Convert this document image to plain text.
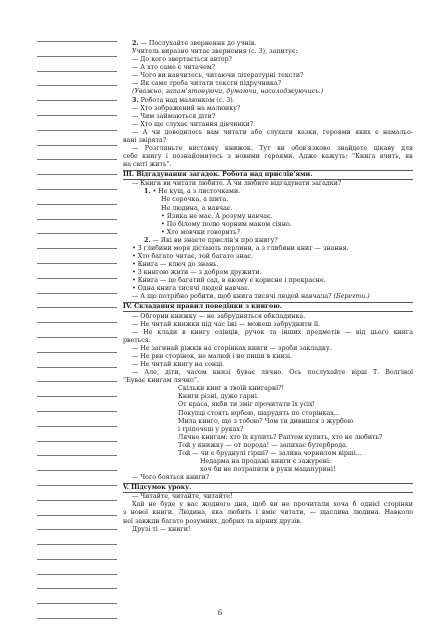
2. — Послухайте звернення до учнів.
Учитель виразно читає звернення (с. 3), запитує:
— До кого звертається автор?
— А хто саме є читачем?
— Чого ви навчитесь, читаючи літературні тексти?
— Як саме треба читати тексти підручника?
(Уважно, запам'ятовуючи, думаючи, насолоджуючись.)
3. Робота над малюнком (с. 3).
— Хто зображений на малюнку?
— Чим займаються діти?
— Хто ще слухає читання дівчинки?
— А чи доводилось вам читати або слухати казки, героями яких є намальо-
вані звірята?
— Розгляньте виставку книжок. Тут ви обов'язково знайдете цікаву для
себе книгу і познайомитесь з новими героями. Адже кажуть: “Книга вчить, як
на світі жить”.
III. Відгадування загадок. Робота над прислів'ями.
— Книги ви читати любите. А чи любите відгадувати загадки?
1. • Не кущ, а з листочками.
Не сорочка, а шита.
Не людина, а навчає.
• Язика не має. А розуму навчає.
• По білому полю чорним маком сіяно.
• Хто мовчки говорить?
2. — Які ви знаєте прислів'я про книгу?
• З глибини моря дістають перлини, а з глибини книг — знання.
• Хто багато читає, той багато знає.
• Книга — ключ до знань.
• З книгою жити — з добром дружити.
• Книга — це багатий сад, в якому є корисне і прекрасне.
• Одна книга тисячі людей навчає.
— А що потрібно робити, щоб книга тисячі людей навчала? (Берегти.)
IV. Складання правил поведінки з книгою.
— Обгорни книжку — не забрудняться обкладинка.
— Не читай книжки під час їжі — можеш забруднити її.
— Не клади в книгу олівців, ручок та інших предметів — від цього книга
рветься.
— Не загинай ріжків на сторінках книги — зроби закладку.
— Не рви сторінок, не малюй і не пиши в книзі.
— Не читай книгу на сонці.
— Але, діти, часом книзі буває лячно. Ось послухайте вірш Т. Волгіної
“Буває книгам лячно”.
Скільки книг в твоїй книгарні?!
Книги різні, дуже гарні.
От краса, якби ти зміг прочитати їх усіх!
Покупці стоять юрбою, шарудять по сторінках...
Мила книго, що з тобою? Чом ти дивишся з журбою
і тріпочеш у руках?
Лячно книгам: хто їх купить? Раптом купить, хто не любить?
Той у книжку — от порода! — запихає бутерброда.
Той — чи є бруднулі гірші? — залива чорнилом вірші...
Недарма на продажі книги є зажурені:
хоч би не потрапити в руки мацапурині!
— Чого бояться книги?
V. Підсумок уроку.
— Читайте, читайте, читайте!
Хай не буде у вас жодного дня, щоб ви не прочитали хоча б однієї сторінки
з нової книги. Людина, яка любить і вміє читати, — щаслива людина. Навколо
неї завжди багато розумних, добрих та вірних друзів.
Друзі ті — книги!
6
